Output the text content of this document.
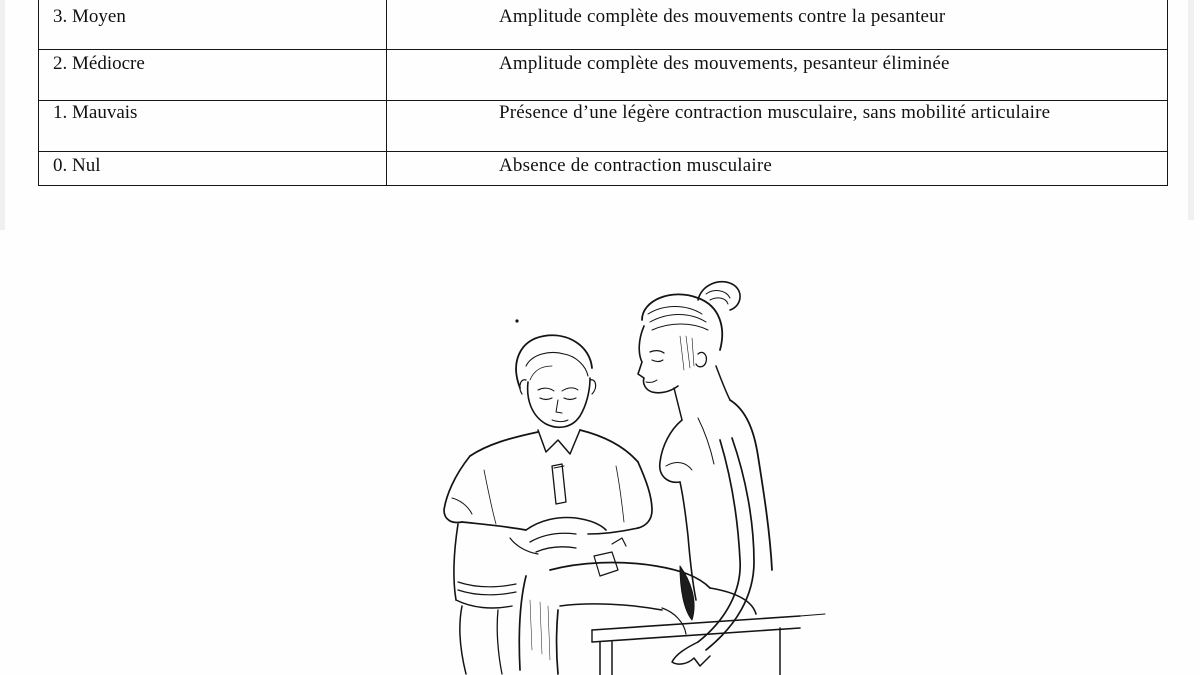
3. Moyen	Amplitude complète des mouvements contre la pesanteur
2. Médiocre	Amplitude complète des mouvements, pesanteur éliminée
1. Mauvais	Présence d’une légère contraction musculaire, sans mobilité articulaire
0. Nul	Absence de contraction musculaire
